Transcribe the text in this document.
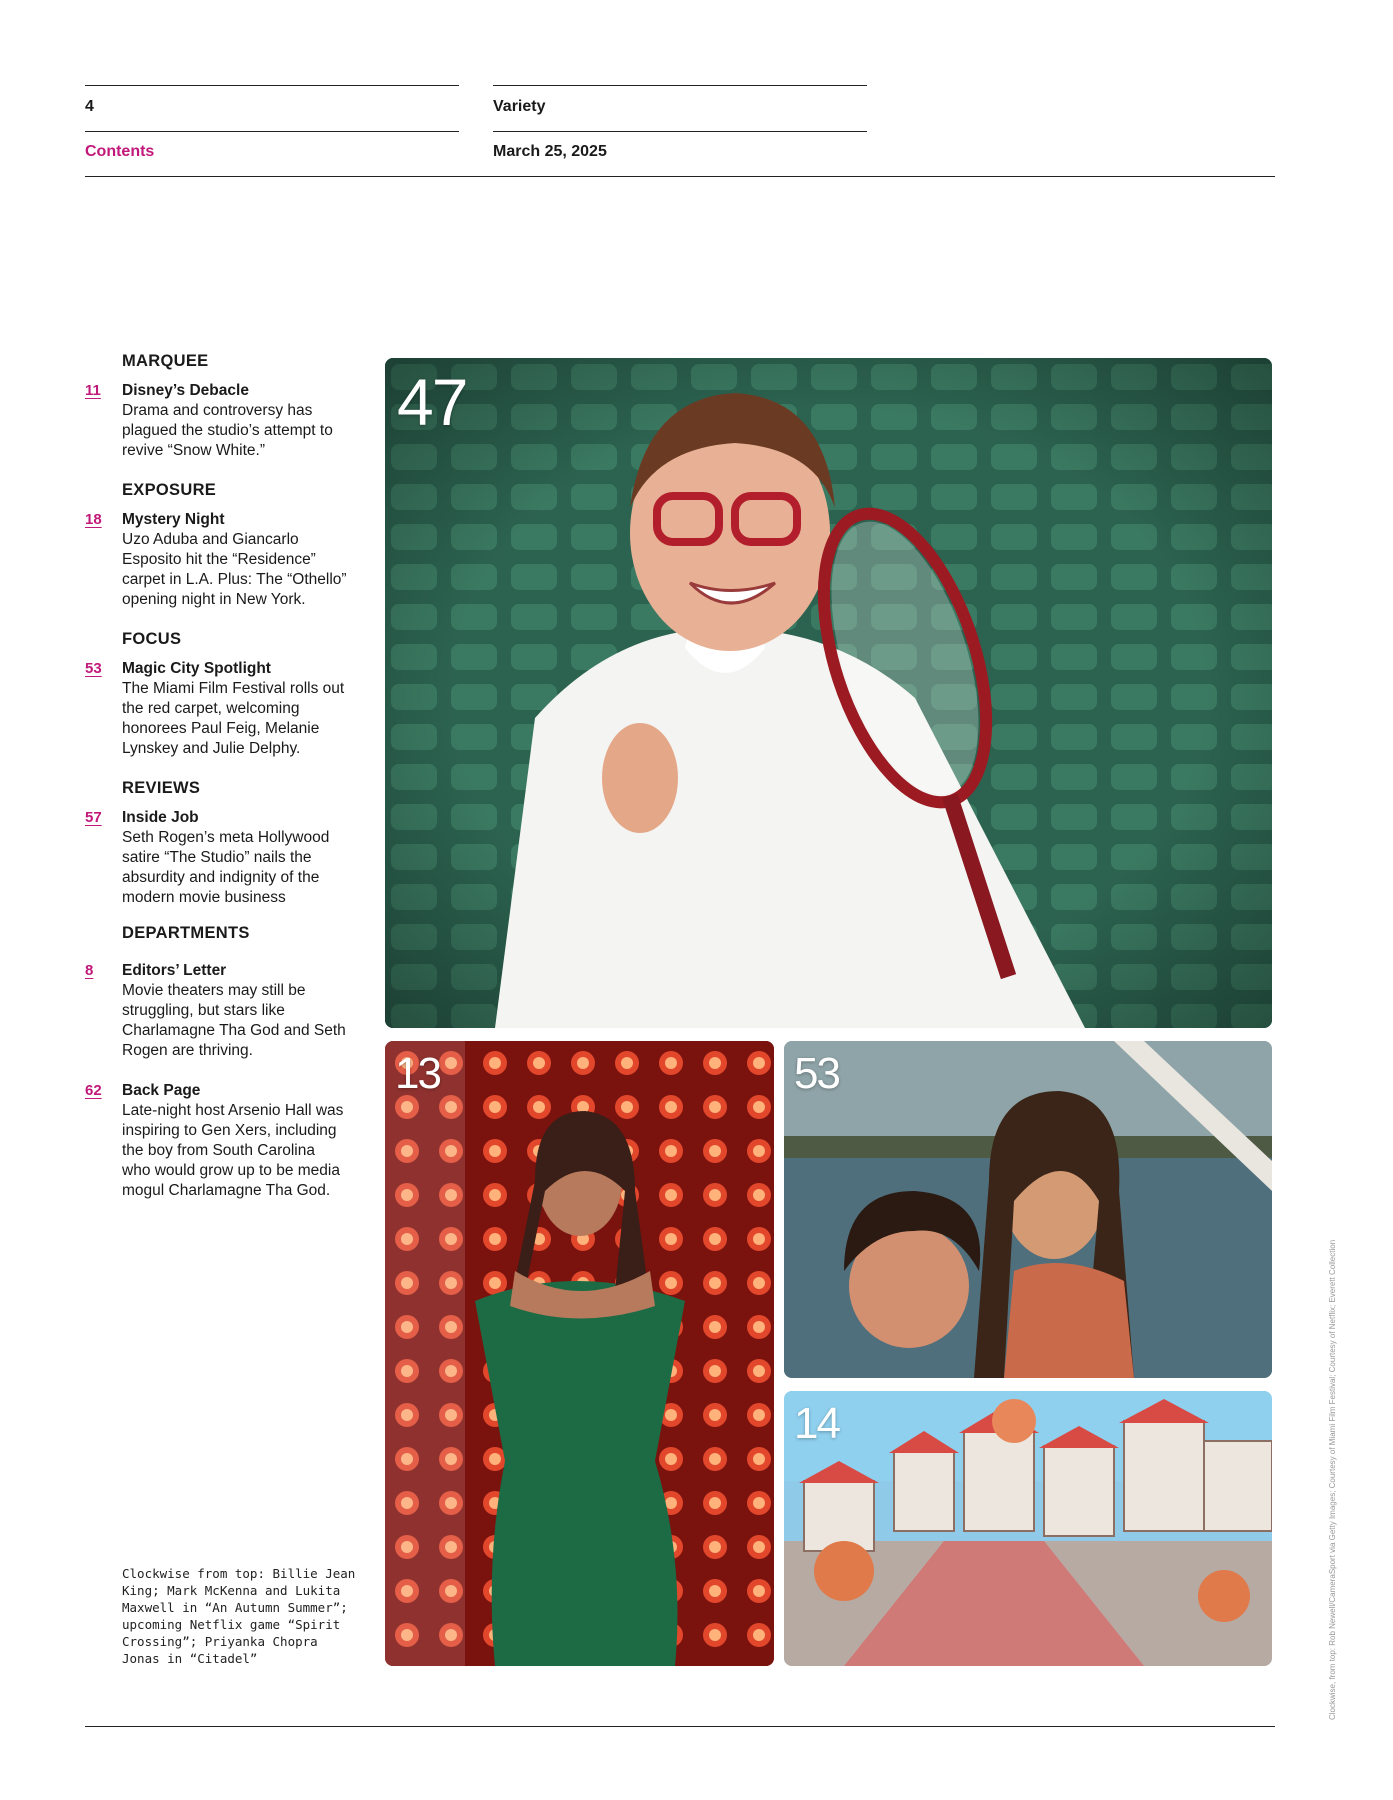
4
Contents
Variety
March 25, 2025
MARQUEE
11 Disney’s Debacle
Drama and controversy has plagued the studio’s attempt to revive “Snow White.”
EXPOSURE
18 Mystery Night
Uzo Aduba and Giancarlo Esposito hit the “Residence” carpet in L.A. Plus: The “Othello” opening night in New York.
FOCUS
53 Magic City Spotlight
The Miami Film Festival rolls out the red carpet, welcoming honorees Paul Feig, Melanie Lynskey and Julie Delphy.
REVIEWS
57 Inside Job
Seth Rogen’s meta Hollywood satire “The Studio” nails the absurdity and indignity of the modern movie business
DEPARTMENTS
8 Editors’ Letter
Movie theaters may still be struggling, but stars like Charlamagne Tha God and Seth Rogen are thriving.
62 Back Page
Late-night host Arsenio Hall was inspiring to Gen Xers, including the boy from South Carolina who would grow up to be media mogul Charlamagne Tha God.
Clockwise from top: Billie Jean King; Mark McKenna and Lukita Maxwell in “An Autumn Summer”; upcoming Netflix game “Spirit Crossing”; Priyanka Chopra Jonas in “Citadel”
47
13	53
14	Clockwise, from top: Rob Newell/CameraSport via Getty Images; Courtesy of Miami Film Festival; Courtesy of Netflix; Everett Collection
